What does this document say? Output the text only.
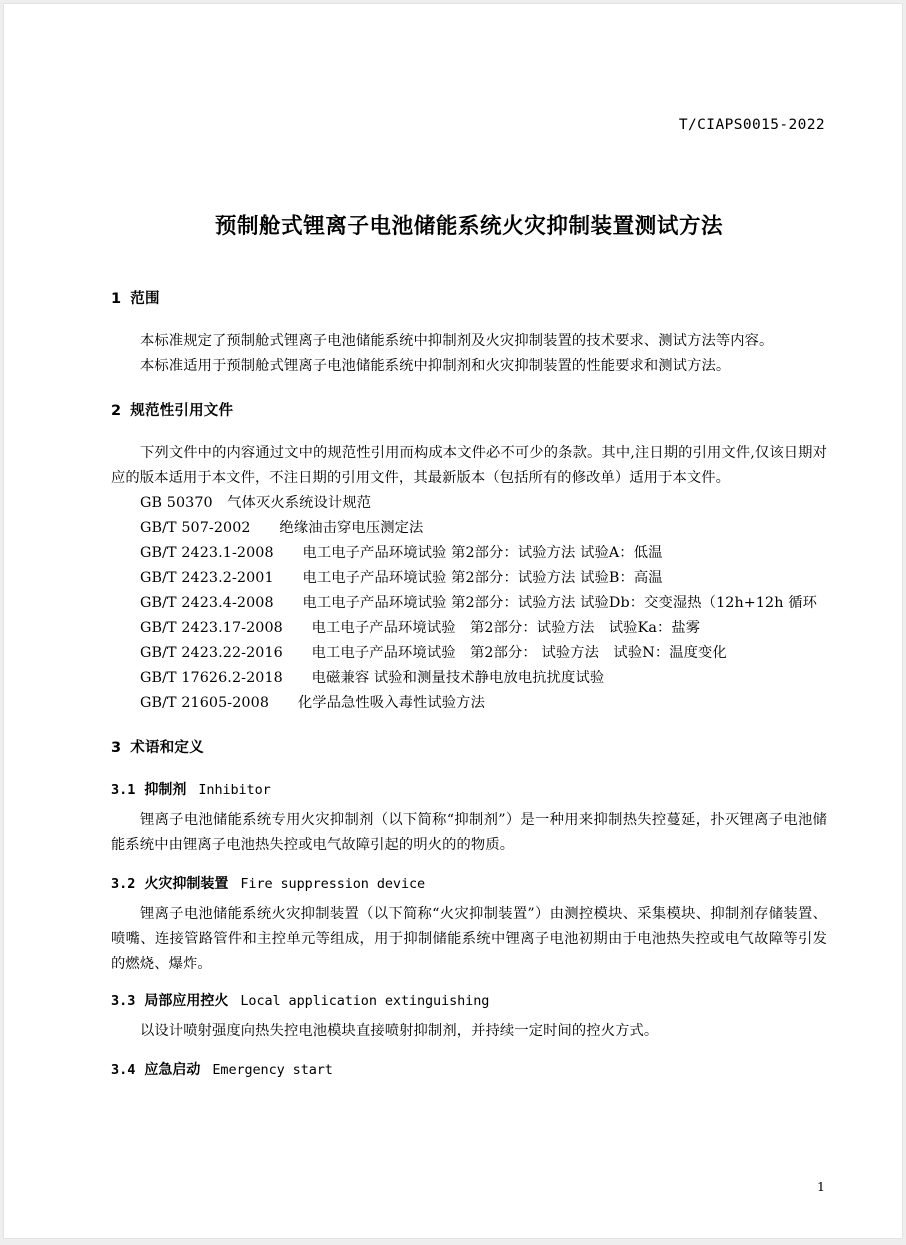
T/CIAPS0015-2022
预制舱式锂离子电池储能系统火灾抑制装置测试方法
1 范围

本标准规定了预制舱式锂离子电池储能系统中抑制剂及火灾抑制装置的技术要求、测试方法等内容。

本标准适用于预制舱式锂离子电池储能系统中抑制剂和火灾抑制装置的性能要求和测试方法。

2 规范性引用文件

下列文件中的内容通过文中的规范性引用而构成本文件必不可少的条款。其中,注日期的引用文件,仅该日期对应的版本适用于本文件，不注日期的引用文件，其最新版本（包括所有的修改单）适用于本文件。

GB 50370　气体灭火系统设计规范
GB/T 507-2002　　绝缘油击穿电压测定法
GB/T 2423.1-2008　　电工电子产品环境试验 第2部分：试验方法 试验A：低温
GB/T 2423.2-2001　　电工电子产品环境试验 第2部分：试验方法 试验B：高温
GB/T 2423.4-2008　　电工电子产品环境试验 第2部分：试验方法 试验Db：交变湿热（12h+12h 循环
GB/T 2423.17-2008　　电工电子产品环境试验　第2部分：试验方法　试验Ka：盐雾
GB/T 2423.22-2016　　电工电子产品环境试验　第2部分： 试验方法　试验N：温度变化
GB/T 17626.2-2018　　电磁兼容 试验和测量技术静电放电抗扰度试验
GB/T 21605-2008　　化学品急性吸入毒性试验方法
3 术语和定义
3.1 抑制剂 Inhibitor

锂离子电池储能系统专用火灾抑制剂（以下简称“抑制剂”）是一种用来抑制热失控蔓延，扑灭锂离子电池储能系统中由锂离子电池热失控或电气故障引起的明火的的物质。

3.2 火灾抑制装置 Fire suppression device

锂离子电池储能系统火灾抑制装置（以下简称“火灾抑制装置”）由测控模块、采集模块、抑制剂存储装置、喷嘴、连接管路管件和主控单元等组成，用于抑制储能系统中锂离子电池初期由于电池热失控或电气故障等引发的燃烧、爆炸。

3.3 局部应用控火 Local application extinguishing

以设计喷射强度向热失控电池模块直接喷射抑制剂，并持续一定时间的控火方式。

3.4 应急启动 Emergency start
1
